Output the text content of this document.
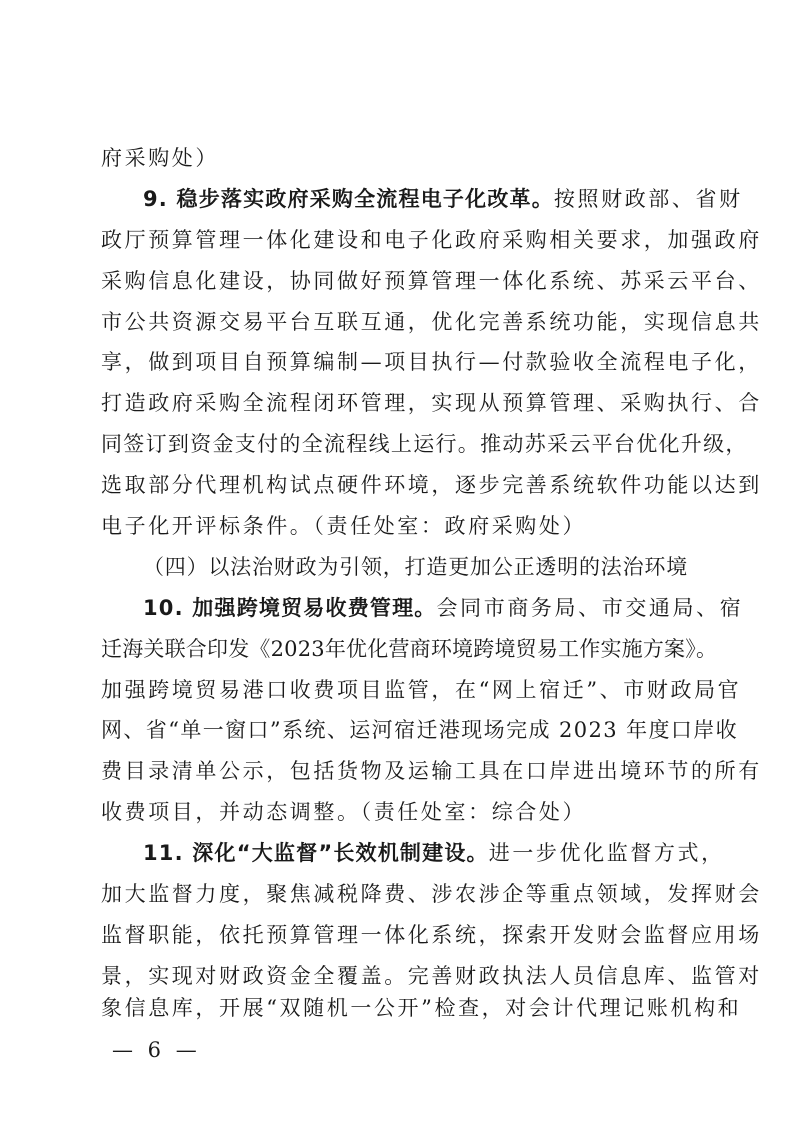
府采购处）
9. 稳步落实政府采购全流程电子化改革。按照财政部、省财
政厅预算管理一体化建设和电子化政府采购相关要求，加强政府
采购信息化建设，协同做好预算管理一体化系统、苏采云平台、
市公共资源交易平台互联互通，优化完善系统功能，实现信息共
享，做到项目自预算编制—项目执行—付款验收全流程电子化，
打造政府采购全流程闭环管理，实现从预算管理、采购执行、合
同签订到资金支付的全流程线上运行。推动苏采云平台优化升级，
选取部分代理机构试点硬件环境，逐步完善系统软件功能以达到
电子化开评标条件。（责任处室：政府采购处）
（四）以法治财政为引领，打造更加公正透明的法治环境
10. 加强跨境贸易收费管理。会同市商务局、市交通局、宿
迁海关联合印发《2023年优化营商环境跨境贸易工作实施方案》。
加强跨境贸易港口收费项目监管，在“网上宿迁”、市财政局官
网、省“单一窗口”系统、运河宿迁港现场完成 2023 年度口岸收
费目录清单公示，包括货物及运输工具在口岸进出境环节的所有
收费项目，并动态调整。（责任处室：综合处）
11. 深化“大监督”长效机制建设。进一步优化监督方式，
加大监督力度，聚焦减税降费、涉农涉企等重点领域，发挥财会
监督职能，依托预算管理一体化系统，探索开发财会监督应用场
景，实现对财政资金全覆盖。完善财政执法人员信息库、监管对
— 6 —
象信息库，开展“双随机一公开”检查，对会计代理记账机构和
